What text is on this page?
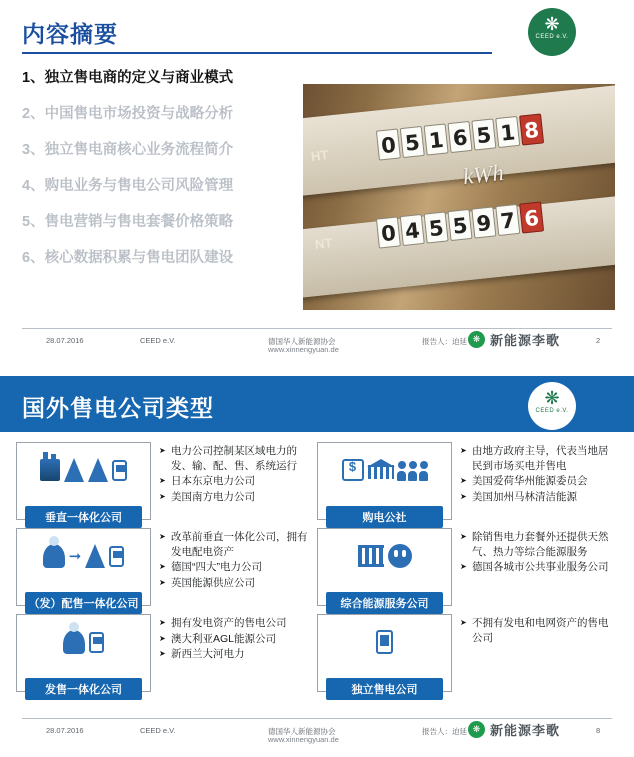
内容摘要	❋
CEED e.V.
1、独立售电商的定义与商业模式
2、中国售电市场投资与战略分析
3、独立售电商核心业务流程简介
4、购电业务与售电公司风险管理
5、售电营销与售电套餐价格策略
6、核心数据积累与售电团队建设
HT
NT
0 5 1 6 5 1 8
kWh
0 4 5 5 9 7 6
28.07.2016	CEED e.V.	德国华人新能源协会
www.xinnengyuan.de
报告人：迫延	2
❋ 新能源李歌
国外售电公司类型	❋
CEED e.V.
垂直一体化公司
➤ 电力公司控制某区域电力的发、输、配、售、系统运行
➤ 日本东京电力公司
➤ 美国南方电力公司
$
购电公社
➤ 由地方政府主导，代表当地居民到市场买电并售电
➤ 美国爱荷华州能源委员会
➤ 美国加州马林清洁能源
➞
（发）配售一体化公司
➤ 改革前垂直一体化公司，拥有发电配电资产
➤ 德国“四大”电力公司
➤ 英国能源供应公司
综合能源服务公司
➤ 除销售电力套餐外还提供天然气、热力等综合能源服务
➤ 德国各城市公共事业服务公司
发售一体化公司
➤ 拥有发电资产的售电公司
➤ 澳大利亚AGL能源公司
➤ 新西兰大河电力
独立售电公司
➤ 不拥有发电和电网资产的售电公司
28.07.2016	CEED e.V.	德国华人新能源协会
www.xinnengyuan.de
报告人：迫延	8
❋ 新能源李歌
